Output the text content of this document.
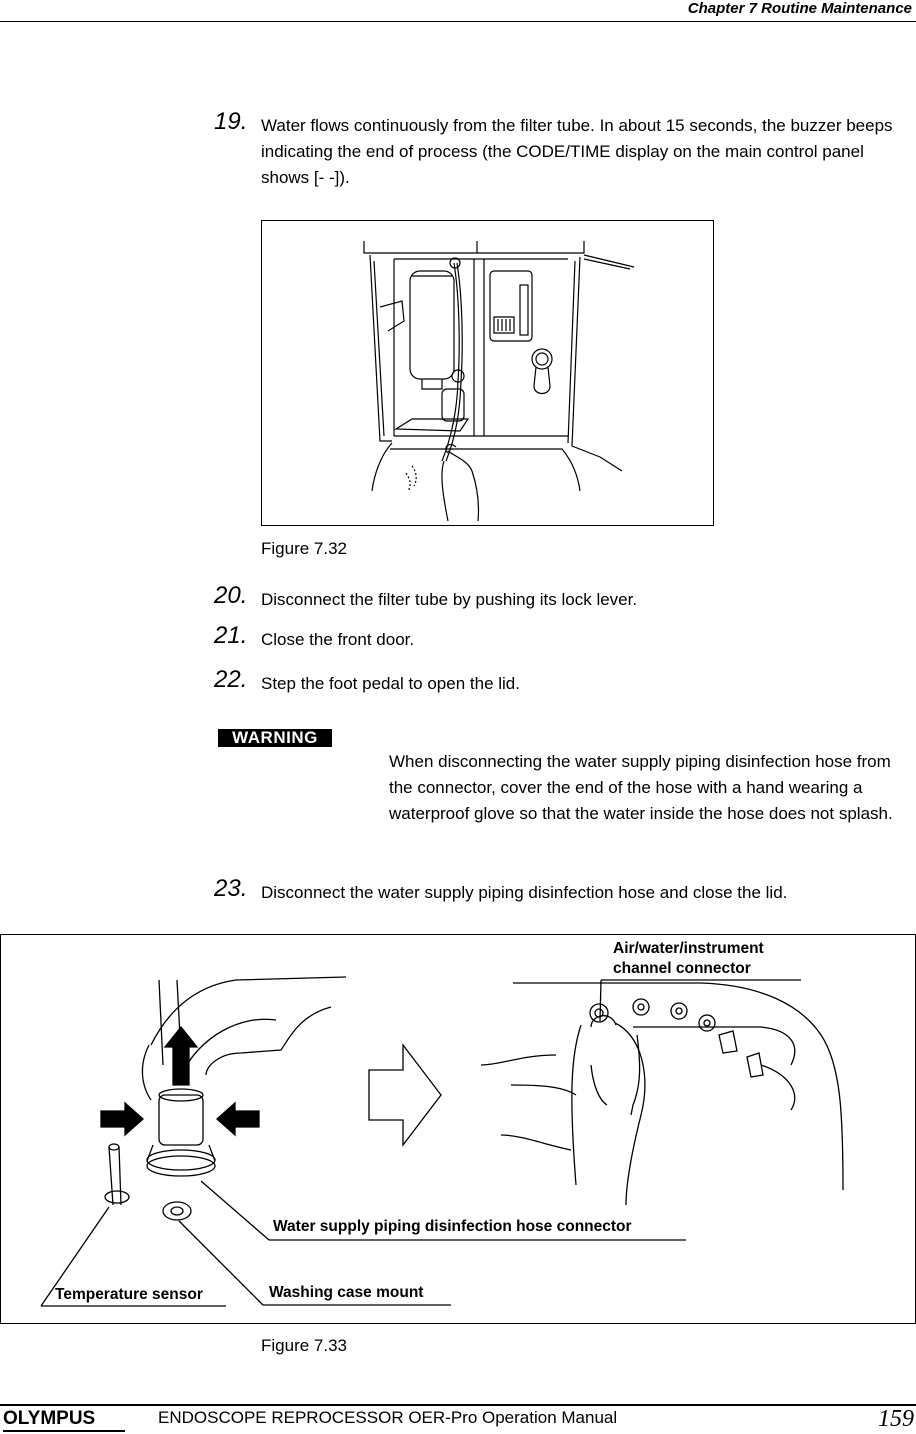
Chapter 7 Routine Maintenance
19. Water flows continuously from the filter tube. In about 15 seconds, the buzzer beeps indicating the end of process (the CODE/TIME display on the main control panel shows [- -]).
Figure 7.32
20. Disconnect the filter tube by pushing its lock lever.
21. Close the front door.
22. Step the foot pedal to open the lid.
WARNING
When disconnecting the water supply piping disinfection hose from the connector, cover the end of the hose with a hand wearing a waterproof glove so that the water inside the hose does not splash.
23. Disconnect the water supply piping disinfection hose and close the lid.
Air/water/instrument
channel connector
Water supply piping disinfection hose connector
Temperature sensor	Washing case mount
Figure 7.33
OLYMPUS	ENDOSCOPE REPROCESSOR OER-Pro Operation Manual	159
